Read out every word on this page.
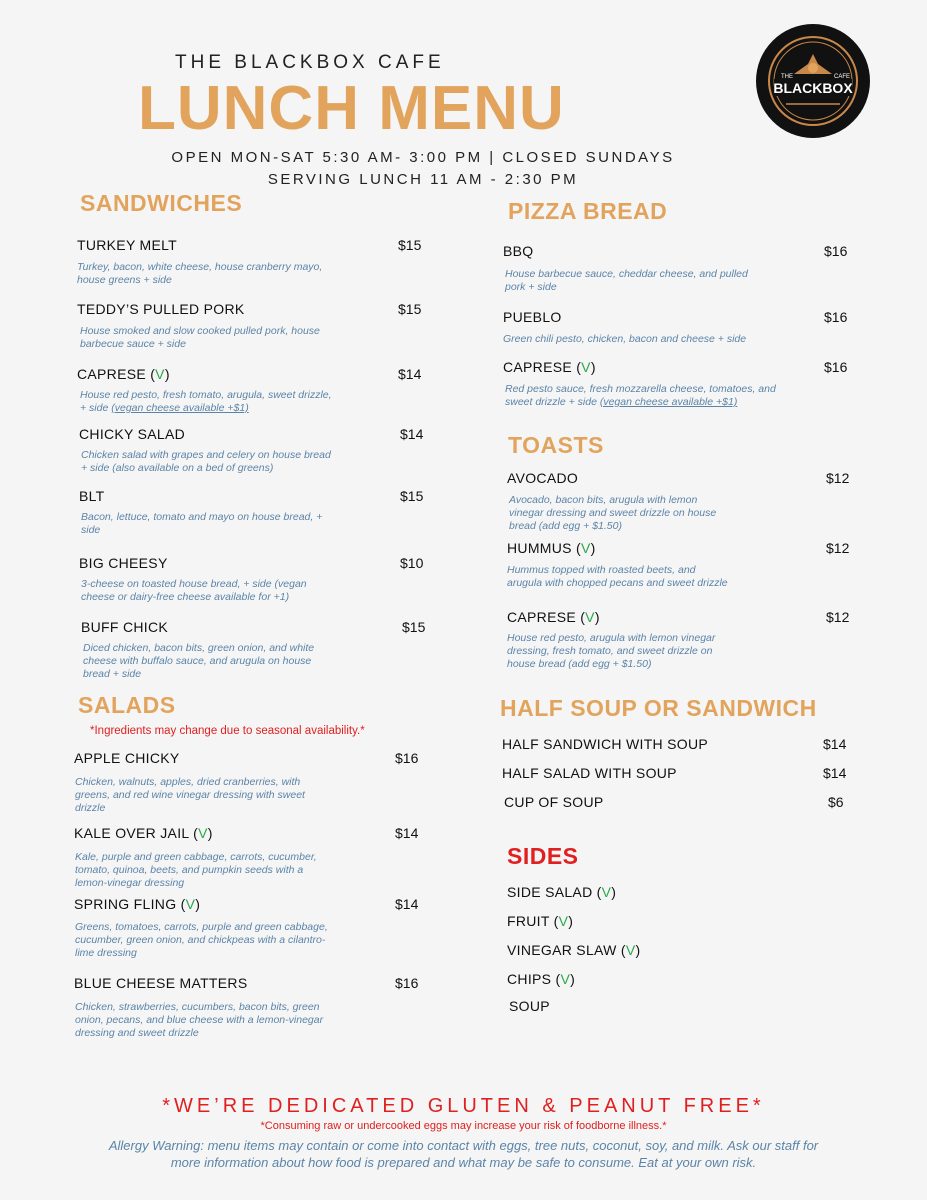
THE BLACKBOX CAFE
LUNCH MENU
OPEN MON-SAT 5:30 AM- 3:00 PM | CLOSED SUNDAYS
SERVING LUNCH 11 AM - 2:30 PM
BLACKBOX
THE	CAFE
SANDWICHES
TURKEY MELT	$15
Turkey, bacon, white cheese, house cranberry mayo, house greens + side
TEDDY’S PULLED PORK	$15
House smoked and slow cooked pulled pork, house barbecue sauce + side
CAPRESE (V)	$14
House red pesto, fresh tomato, arugula, sweet drizzle, + side (vegan cheese available +$1)
CHICKY SALAD	$14
Chicken salad with grapes and celery on house bread + side (also available on a bed of greens)
BLT	$15
Bacon, lettuce, tomato and mayo on house bread, + side
BIG CHEESY	$10
3-cheese on toasted house bread, + side (vegan cheese or dairy-free cheese available for +1)
BUFF CHICK	$15
Diced chicken, bacon bits, green onion, and white cheese with buffalo sauce, and arugula on house bread + side
SALADS
*Ingredients may change due to seasonal availability.*
APPLE CHICKY	$16
Chicken, walnuts, apples, dried cranberries, with greens, and red wine vinegar dressing with sweet drizzle
KALE OVER JAIL (V)	$14
Kale, purple and green cabbage, carrots, cucumber, tomato, quinoa, beets, and pumpkin seeds with a lemon-vinegar dressing
SPRING FLING (V)	$14
Greens, tomatoes, carrots, purple and green cabbage, cucumber, green onion, and chickpeas with a cilantro-lime dressing
BLUE CHEESE MATTERS	$16
Chicken, strawberries, cucumbers, bacon bits, green onion, pecans, and blue cheese with a lemon-vinegar dressing and sweet drizzle
PIZZA BREAD
BBQ	$16
House barbecue sauce, cheddar cheese, and pulled pork + side
PUEBLO	$16
Green chili pesto, chicken, bacon and cheese + side
CAPRESE (V)	$16
Red pesto sauce, fresh mozzarella cheese, tomatoes, and sweet drizzle + side (vegan cheese available +$1)
TOASTS
AVOCADO	$12
Avocado, bacon bits, arugula with lemon vinegar dressing and sweet drizzle on house bread (add egg + $1.50)
HUMMUS (V)	$12
Hummus topped with roasted beets, and arugula with chopped pecans and sweet drizzle
CAPRESE (V)	$12
House red pesto, arugula with lemon vinegar dressing, fresh tomato, and sweet drizzle on house bread (add egg + $1.50)
HALF SOUP OR SANDWICH
HALF SANDWICH WITH SOUP	$14
HALF SALAD WITH SOUP	$14
CUP OF SOUP	$6
SIDES
SIDE SALAD (V)
FRUIT (V)
VINEGAR SLAW (V)
CHIPS (V)
SOUP
*WE’RE DEDICATED GLUTEN & PEANUT FREE*
*Consuming raw or undercooked eggs may increase your risk of foodborne illness.*
Allergy Warning: menu items may contain or come into contact with eggs, tree nuts, coconut, soy, and milk. Ask our staff for more information about how food is prepared and what may be safe to consume. Eat at your own risk.
